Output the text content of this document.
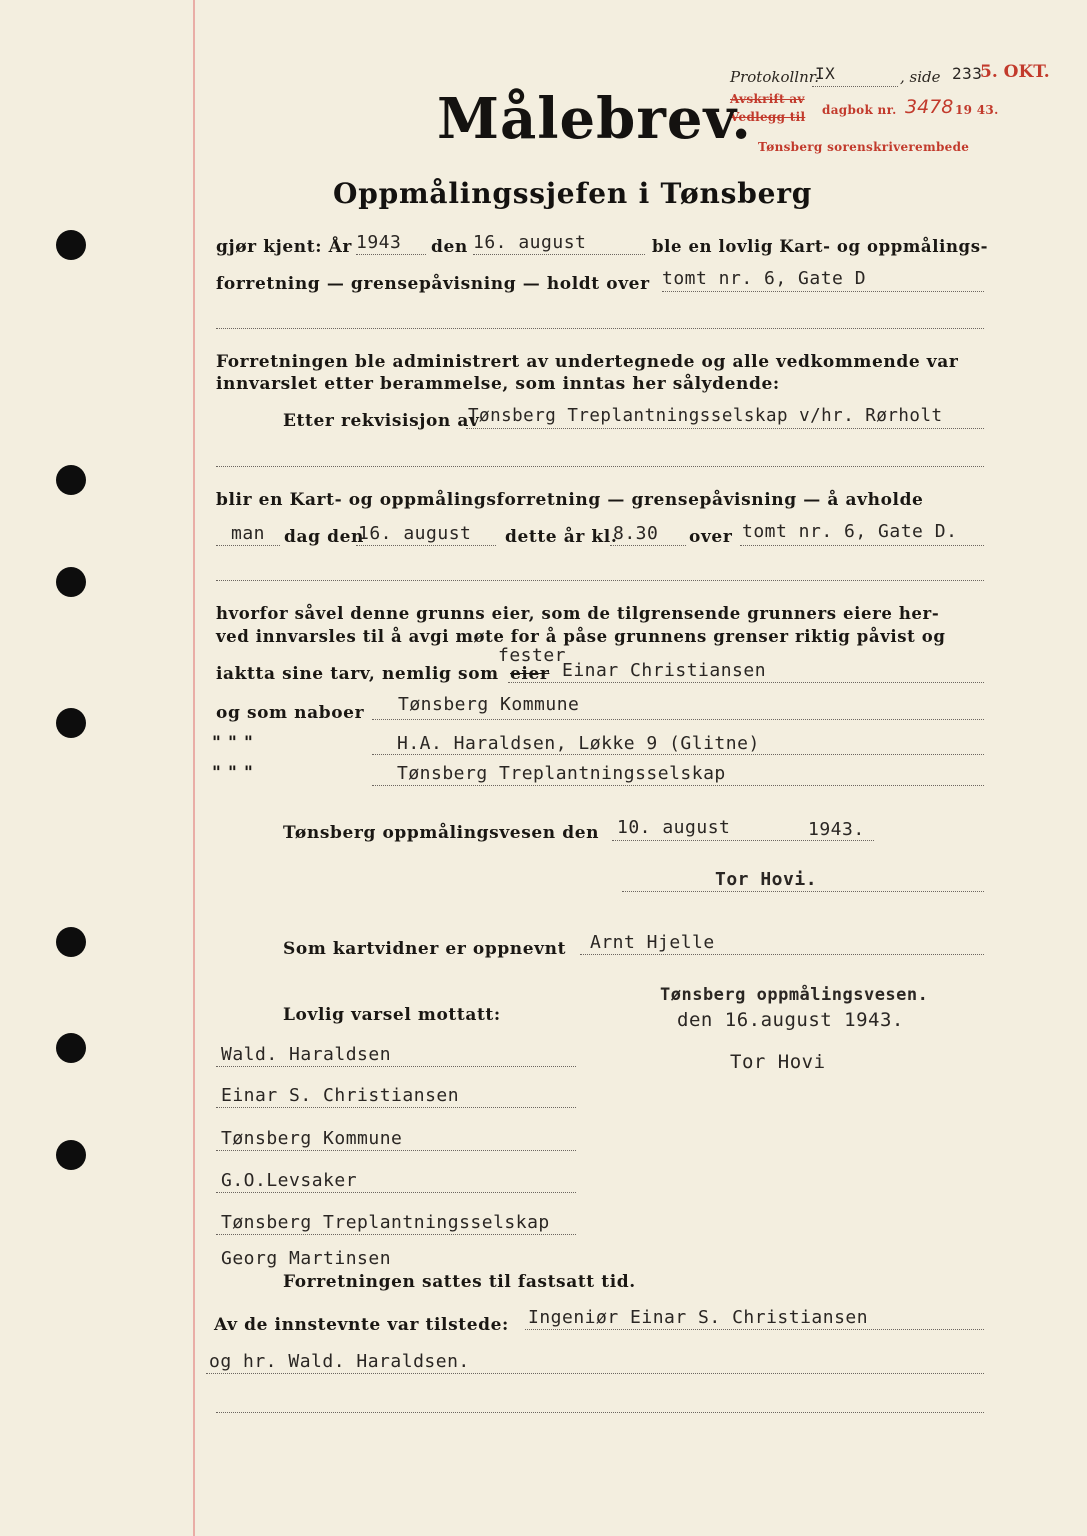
Protokollnr.
IX	, side 233
5. OKT.
Avskrift av
Vedlegg til dagbok nr. 3478 19 43.
Tønsberg sorenskriverembede
Målebrev.
Oppmålingssjefen i Tønsberg
gjør kjent: År 1943 den 16. august	ble en lovlig Kart- og oppmålings-
forretning — grensepåvisning — holdt over tomt nr. 6, Gate D
Forretningen ble administrert av undertegnede og alle vedkommende var
innvarslet etter berammelse, som inntas her sålydende:
Etter rekvisisjon av
Tønsberg Treplantningsselskap v/hr. Rørholt
blir en Kart- og oppmålingsforretning — grensepåvisning — å avholde
man dag den
16. august dette år kl.
8.30 over tomt nr. 6, Gate D.
hvorfor såvel denne grunns eier, som de tilgrensende grunners eiere her-
ved innvarsles til å avgi møte for å påse grunnens grenser riktig påvist og
iaktta sine tarv, nemlig som eier
fester
Einar Christiansen
og som naboer Tønsberg Kommune
" " "	H.A. Haraldsen, Løkke 9 (Glitne)
" " "	Tønsberg Treplantningsselskap
Tønsberg oppmålingsvesen den 10. august	1943.
Tor Hovi.
Som kartvidner er oppnevnt Arnt Hjelle
Lovlig varsel mottatt:
Tønsberg oppmålingsvesen.
den 16.august 1943.
Tor Hovi
Wald. Haraldsen
Einar S. Christiansen
Tønsberg Kommune
G.O.Levsaker
Tønsberg Treplantningsselskap
Georg Martinsen
Forretningen sattes til fastsatt tid.
Av de innstevnte var tilstede: Ingeniør Einar S. Christiansen
og hr. Wald. Haraldsen.
